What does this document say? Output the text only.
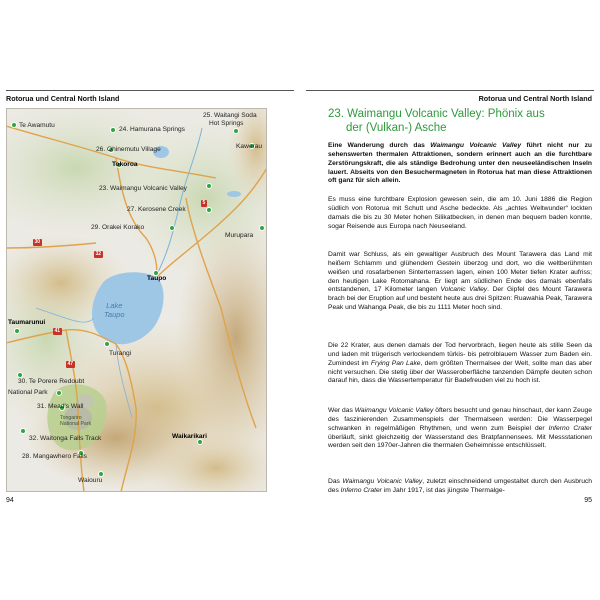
Rotorua und Central North Island
30
32
5
41
47
Te Awamutu
24. Hamurana Springs
25. Waitangi Soda
Hot Springs
26. Ohinemutu Village	Kawerau
Tokoroa
23. Waimangu Volcanic Valley
27. Kerosene Creek
29. Orakei Korako
Murupara
Taupo
Lake
Taupo
Taumarunui
Turangi
30. Te Porere Redoubt
National Park
31. Mead's Wall
Tongariro
National Park
32. Waitonga Falls Track
28. Mangawhero Falls
Waikarikari
Waiouru
94
Rotorua und Central North Island
23. Waimangu Volcanic Valley: Phönix aus
der (Vulkan-) Asche
Eine Wanderung durch das Waimangu Volcanic Valley führt nicht nur zu sehenswerten thermalen Attraktionen, sondern erinnert auch an die furchtbare Zerstörungskraft, die als ständige Bedrohung unter den neuseeländischen Inseln lauert. Abseits von den Besuchermagneten in Rotorua hat man diese Attraktionen oft ganz für sich allein.
Es muss eine furchtbare Explosion gewesen sein, die am 10. Juni 1886 die Region südlich von Rotorua mit Schutt und Asche bedeckte. Als „achtes Weltwunder“ lockten damals die bis zu 30 Meter hohen Silikatbecken, in denen man bequem baden konnte, sogar Reisende aus Europa nach Neuseeland.
Damit war Schluss, als ein gewaltiger Ausbruch des Mount Tarawera das Land mit heißem Schlamm und glühendem Gestein überzog und dort, wo die weltberühmten weißen und rosafarbenen Sinterterrassen lagen, einen 100 Meter tiefen Krater aufriss; den heutigen Lake Rotomahana. Er liegt am südlichen Ende des damals ebenfalls entstandenen, 17 Kilometer langen Volcanic Valley. Der Gipfel des Mount Tarawera brach bei der Eruption auf und besteht heute aus drei Spitzen: Ruawahia Peak, Tarawera Peak und Wahanga Peak, die bis zu 1111 Meter hoch sind.
Die 22 Krater, aus denen damals der Tod hervorbrach, liegen heute als stille Seen da und laden mit trügerisch verlockendem türkis- bis petrolblauem Wasser zum Baden ein. Zumindest im Frying Pan Lake, dem größten Thermalsee der Welt, sollte man das aber nicht versuchen. Die stetig über der Wasseroberfläche tanzenden Dämpfe deuten schon darauf hin, dass die Wassertemperatur für Badefreuden viel zu hoch ist.
Wer das Waimangu Volcanic Valley öfters besucht und genau hinschaut, der kann Zeuge des faszinierenden Zusammenspiels der Thermalseen werden: Die Wasserpegel schwanken in regelmäßigen Rhythmen, und wenn zum Beispiel der Inferno Crater überläuft, sinkt gleichzeitig der Wasserstand des Bratpfannensees. Mit Messstationen werden seit den 1970er-Jahren die thermalen Geheimnisse entschlüsselt.
Das Waimangu Volcanic Valley, zuletzt einschneidend umgestaltet durch den Ausbruch des Inferno Crater im Jahr 1917, ist das jüngste Thermalge-
95
